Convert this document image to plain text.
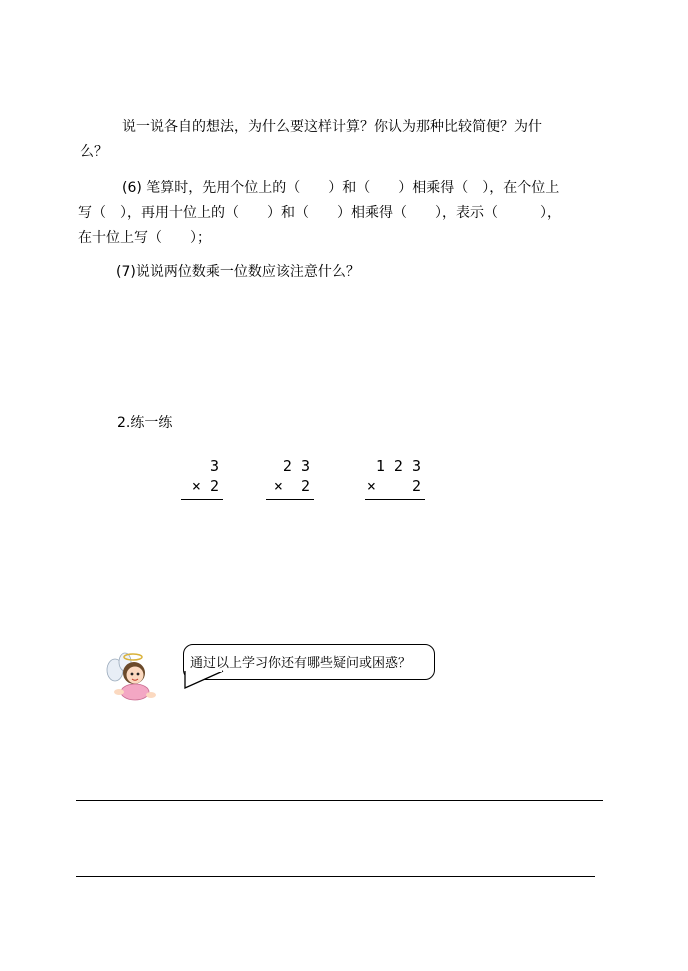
说一说各自的想法，为什么要这样计算？你认为那种比较简便？为什
么？
(6) 笔算时，先用个位上的（　　）和（　　）相乘得（　），在个位上
写（　），再用十位上的（　　）和（　　）相乘得（　　），表示（　　　），
在十位上写（　　）；
(7)说说两位数乘一位数应该注意什么？
2.练一练
3
× 2
2 3
×  2
1 2 3
×    2
通过以上学习你还有哪些疑问或困惑？
